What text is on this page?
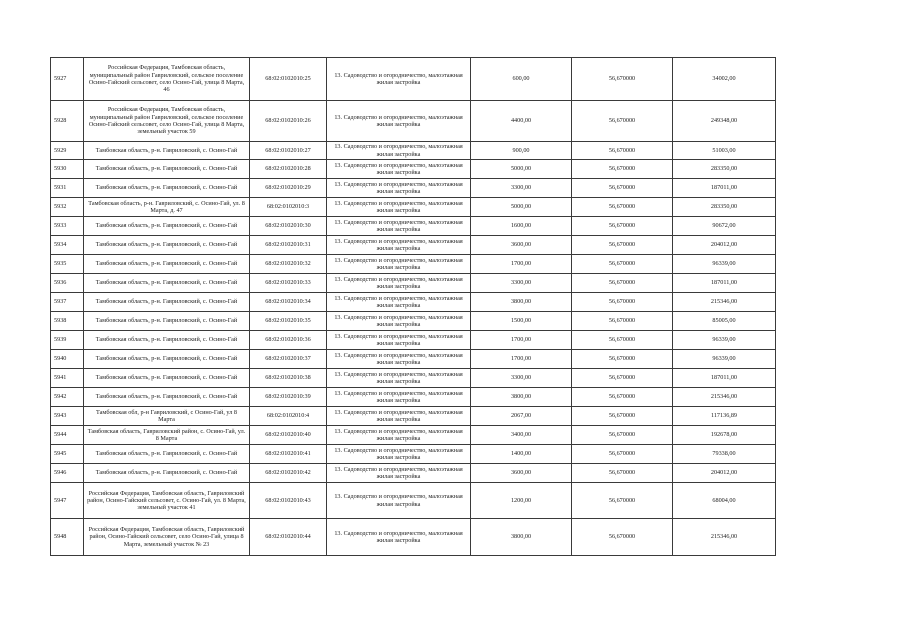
5927	Российская Федерация, Тамбовская область, муниципальный район Гавриловский, сельское поселение Осино-Гайский сельсовет, село Осино-Гай, улица 8 Марта, 46	68:02:0102010:25	13. Садоводство и огородничество, малоэтажная жилая застройка	600,00	56,670000	34002,00
5928	Российская Федерация, Тамбовская область, муниципальный район Гавриловский, сельское поселение Осино-Гайский сельсовет, село Осино-Гай, улица 8 Марта, земельный участок 59	68:02:0102010:26	13. Садоводство и огородничество, малоэтажная жилая застройка	4400,00	56,670000	249348,00
5929	Тамбовская область, р-н. Гавриловский, с. Осино-Гай	68:02:0102010:27	13. Садоводство и огородничество, малоэтажная жилая застройка	900,00	56,670000	51003,00
5930	Тамбовская область, р-н. Гавриловский, с. Осино-Гай	68:02:0102010:28	13. Садоводство и огородничество, малоэтажная жилая застройка	5000,00	56,670000	283350,00
5931	Тамбовская область, р-н. Гавриловский, с. Осино-Гай	68:02:0102010:29	13. Садоводство и огородничество, малоэтажная жилая застройка	3300,00	56,670000	187011,00
5932	Тамбовская область, р-н. Гавриловский, с. Осино-Гай, ул. 8 Марта, д. 47	68:02:0102010:3	13. Садоводство и огородничество, малоэтажная жилая застройка	5000,00	56,670000	283350,00
5933	Тамбовская область, р-н. Гавриловский, с. Осино-Гай	68:02:0102010:30	13. Садоводство и огородничество, малоэтажная жилая застройка	1600,00	56,670000	90672,00
5934	Тамбовская область, р-н. Гавриловский, с. Осино-Гай	68:02:0102010:31	13. Садоводство и огородничество, малоэтажная жилая застройка	3600,00	56,670000	204012,00
5935	Тамбовская область, р-н. Гавриловский, с. Осино-Гай	68:02:0102010:32	13. Садоводство и огородничество, малоэтажная жилая застройка	1700,00	56,670000	96339,00
5936	Тамбовская область, р-н. Гавриловский, с. Осино-Гай	68:02:0102010:33	13. Садоводство и огородничество, малоэтажная жилая застройка	3300,00	56,670000	187011,00
5937	Тамбовская область, р-н. Гавриловский, с. Осино-Гай	68:02:0102010:34	13. Садоводство и огородничество, малоэтажная жилая застройка	3800,00	56,670000	215346,00
5938	Тамбовская область, р-н. Гавриловский, с. Осино-Гай	68:02:0102010:35	13. Садоводство и огородничество, малоэтажная жилая застройка	1500,00	56,670000	85005,00
5939	Тамбовская область, р-н. Гавриловский, с. Осино-Гай	68:02:0102010:36	13. Садоводство и огородничество, малоэтажная жилая застройка	1700,00	56,670000	96339,00
5940	Тамбовская область, р-н. Гавриловский, с. Осино-Гай	68:02:0102010:37	13. Садоводство и огородничество, малоэтажная жилая застройка	1700,00	56,670000	96339,00
5941	Тамбовская область, р-н. Гавриловский, с. Осино-Гай	68:02:0102010:38	13. Садоводство и огородничество, малоэтажная жилая застройка	3300,00	56,670000	187011,00
5942	Тамбовская область, р-н. Гавриловский, с. Осино-Гай	68:02:0102010:39	13. Садоводство и огородничество, малоэтажная жилая застройка	3800,00	56,670000	215346,00
5943	Тамбовская обл, р-н Гавриловский, с Осино-Гай, ул 8 Марта	68:02:0102010:4	13. Садоводство и огородничество, малоэтажная жилая застройка	2067,00	56,670000	117136,89
5944	Тамбовская область, Гавриловский район, с. Осино-Гай, ул. 8 Марта	68:02:0102010:40	13. Садоводство и огородничество, малоэтажная жилая застройка	3400,00	56,670000	192678,00
5945	Тамбовская область, р-н. Гавриловский, с. Осино-Гай	68:02:0102010:41	13. Садоводство и огородничество, малоэтажная жилая застройка	1400,00	56,670000	79338,00
5946	Тамбовская область, р-н. Гавриловский, с. Осино-Гай	68:02:0102010:42	13. Садоводство и огородничество, малоэтажная жилая застройка	3600,00	56,670000	204012,00
5947	Российская Федерация, Тамбовская область, Гавриловский район, Осино-Гайский сельсовет, с. Осино-Гай, ул. 8 Марта, земельный участок 41	68:02:0102010:43	13. Садоводство и огородничество, малоэтажная жилая застройка	1200,00	56,670000	68004,00
5948	Российская Федерация, Тамбовская область, Гавриловский район, Осино-Гайский сельсовет, село Осино-Гай, улица 8 Марта, земельный участок № 23	68:02:0102010:44	13. Садоводство и огородничество, малоэтажная жилая застройка	3800,00	56,670000	215346,00
